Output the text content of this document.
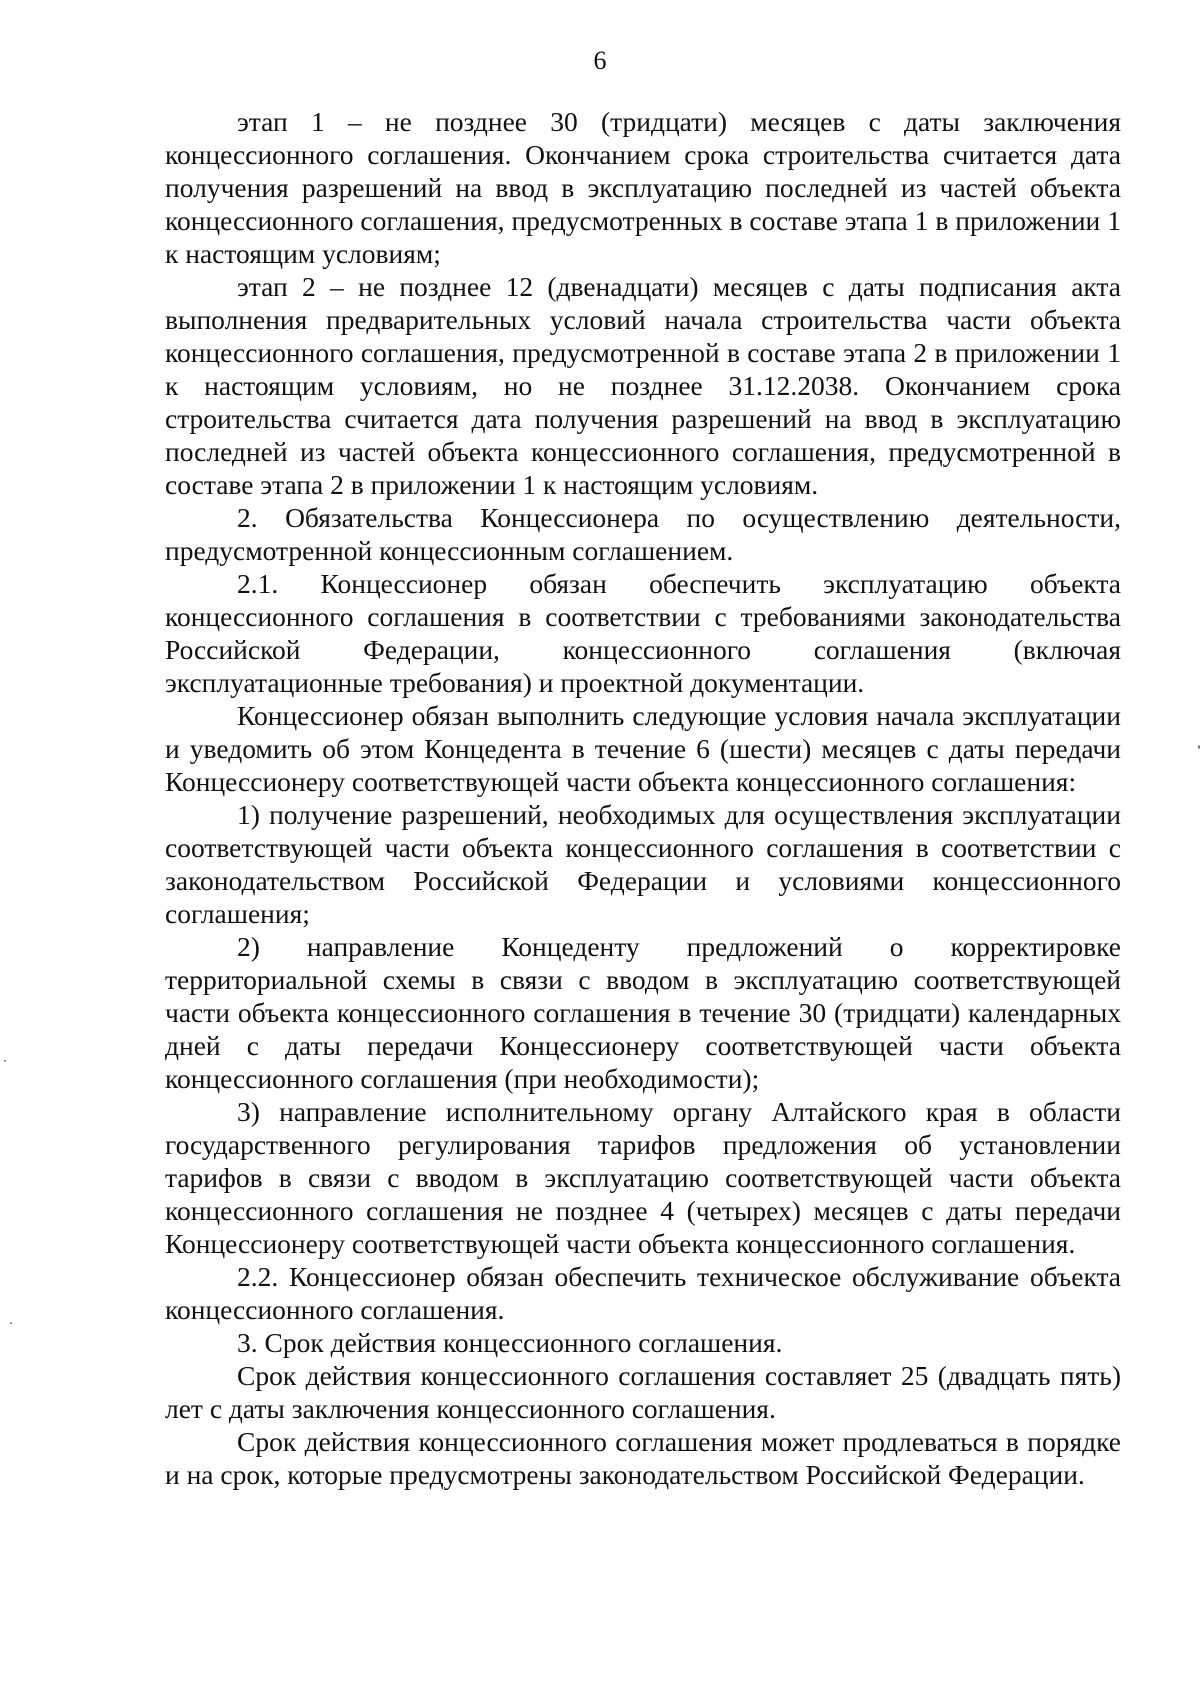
6

этап 1 – не позднее 30 (тридцати) месяцев с даты заключения концессионного соглашения. Окончанием срока строительства считается дата получения разрешений на ввод в эксплуатацию последней из частей объекта концессионного соглашения, предусмотренных в составе этапа 1 в приложении 1 к настоящим условиям;

этап 2 – не позднее 12 (двенадцати) месяцев с даты подписания акта выполнения предварительных условий начала строительства части объекта концессионного соглашения, предусмотренной в составе этапа 2 в приложении 1 к настоящим условиям, но не позднее 31.12.2038. Окончанием срока строительства считается дата получения разрешений на ввод в эксплуатацию последней из частей объекта концессионного соглашения, предусмотренной в составе этапа 2 в приложении 1 к настоящим условиям.

2. Обязательства Концессионера по осуществлению деятельности, предусмотренной концессионным соглашением.

2.1. Концессионер обязан обеспечить эксплуатацию объекта концессионного соглашения в соответствии с требованиями законодательства Российской Федерации, концессионного соглашения (включая эксплуатационные требования) и проектной документации.

Концессионер обязан выполнить следующие условия начала эксплуатации и уведомить об этом Концедента в течение 6 (шести) месяцев с даты передачи Концессионеру соответствующей части объекта концессионного соглашения:

1) получение разрешений, необходимых для осуществления эксплуатации соответствующей части объекта концессионного соглашения в соответствии с законодательством Российской Федерации и условиями концессионного соглашения;

2) направление Концеденту предложений о корректировке территориальной схемы в связи с вводом в эксплуатацию соответствующей части объекта концессионного соглашения в течение 30 (тридцати) календарных дней с даты передачи Концессионеру соответствующей части объекта концессионного соглашения (при необходимости);

3) направление исполнительному органу Алтайского края в области государственного регулирования тарифов предложения об установлении тарифов в связи с вводом в эксплуатацию соответствующей части объекта концессионного соглашения не позднее 4 (четырех) месяцев с даты передачи Концессионеру соответствующей части объекта концессионного соглашения.

2.2. Концессионер обязан обеспечить техническое обслуживание объекта концессионного соглашения.

3. Срок действия концессионного соглашения.

Срок действия концессионного соглашения составляет 25 (двадцать пять) лет с даты заключения концессионного соглашения.

Срок действия концессионного соглашения может продлеваться в порядке и на срок, которые предусмотрены законодательством Российской Федерации.
